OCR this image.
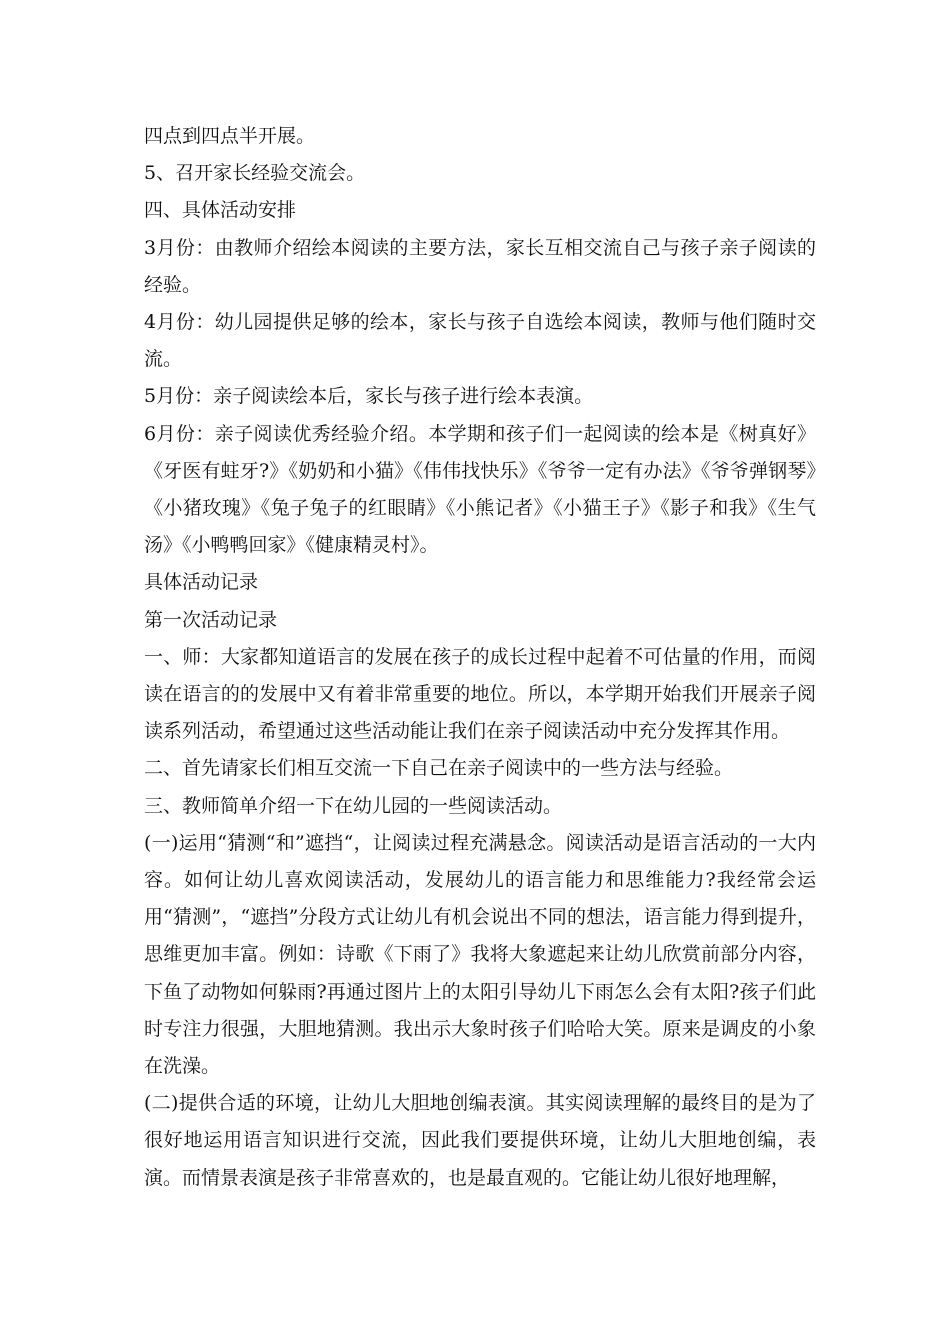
四点到四点半开展。

5、召开家长经验交流会。

四、具体活动安排

3月份：由教师介绍绘本阅读的主要方法，家长互相交流自己与孩子亲子阅读的经验。

4月份：幼儿园提供足够的绘本，家长与孩子自选绘本阅读，教师与他们随时交流。

5月份：亲子阅读绘本后，家长与孩子进行绘本表演。

6月份：亲子阅读优秀经验介绍。本学期和孩子们一起阅读的绘本是《树真好》《牙医有蛀牙?》《奶奶和小猫》《伟伟找快乐》《爷爷一定有办法》《爷爷弹钢琴》《小猪玫瑰》《兔子兔子的红眼睛》《小熊记者》《小猫王子》《影子和我》《生气汤》《小鸭鸭回家》《健康精灵村》。

具体活动记录

第一次活动记录

一、师：大家都知道语言的发展在孩子的成长过程中起着不可估量的作用，而阅读在语言的的发展中又有着非常重要的地位。所以，本学期开始我们开展亲子阅读系列活动，希望通过这些活动能让我们在亲子阅读活动中充分发挥其作用。

二、首先请家长们相互交流一下自己在亲子阅读中的一些方法与经验。

三、教师简单介绍一下在幼儿园的一些阅读活动。

(一)运用“猜测“和”遮挡“，让阅读过程充满悬念。阅读活动是语言活动的一大内容。如何让幼儿喜欢阅读活动，发展幼儿的语言能力和思维能力?我经常会运用“猜测”，“遮挡”分段方式让幼儿有机会说出不同的想法，语言能力得到提升，思维更加丰富。例如：诗歌《下雨了》我将大象遮起来让幼儿欣赏前部分内容，下鱼了动物如何躲雨?再通过图片上的太阳引导幼儿下雨怎么会有太阳?孩子们此时专注力很强，大胆地猜测。我出示大象时孩子们哈哈大笑。原来是调皮的小象在洗澡。

(二)提供合适的环境，让幼儿大胆地创编表演。其实阅读理解的最终目的是为了很好地运用语言知识进行交流，因此我们要提供环境，让幼儿大胆地创编，表演。而情景表演是孩子非常喜欢的，也是最直观的。它能让幼儿很好地理解，
